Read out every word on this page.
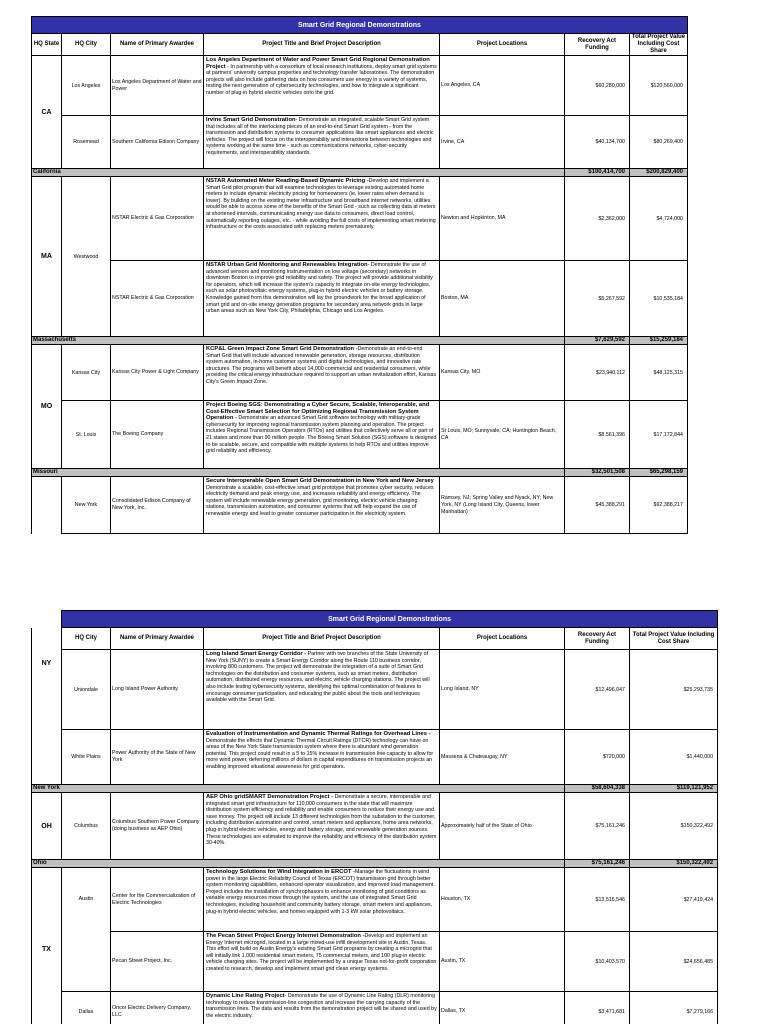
Smart Grid Regional Demonstrations						
HQ State	HQ City	Name of Primary Awardee	Project Title and Brief Project Description	Project Locations	Recovery Act Funding	Total Project Value Including Cost Share
CA	Los Angeles	Los Angeles Department of Water and Power	Los Angeles Department of Water and Power Smart Grid Regional Demonstration Project - In partnership with a consortium of local research institutions, deploy smart grid systems at partners' university campus properties and technology transfer laboratories. The demonstration projects will also include gathering data on how consumers use energy in a variety of systems, testing the next generation of cybersecurity technologies, and how to integrate a significant number of plug-in hybrid electric vehicles onto the grid.	Los Angeles, CA	$60,280,000	$120,560,000
	Rosemead	Southern California Edison Company	Irvine Smart Grid Demonstration- Demonstrate an integrated, scalable Smart Grid system that includes all of the interlocking pieces of an end-to-end Smart Grid system - from the transmission and distribution systems to consumer applications like smart appliances and electric vehicles. The project will focus on the interoperability and interactions between technologies and systems working at the same time - such as communications networks, cyber-security requirements, and interoperability standards.	Irvine, CA	$40,134,700	$80,269,400
California					$100,414,700	$200,829,400
MA	Westwood	NSTAR Electric & Gas Corporation	NSTAR Automated Meter Reading-Based Dynamic Pricing -Develop and implement a Smart Grid pilot program that will examine technologies to leverage existing automated home meters to include dynamic electricity pricing for homeowners (ie, lower rates when demand is lower). By building on the existing meter infrastructure and broadband internet networks, utilities would be able to access some of the benefits of the Smart Grid - such as collecting data at meters at shortened intervals, communicating energy use data to consumers, direct load control, automatically reporting outages, etc. - while avoiding the full costs of implementing smart metering infrastructure or the costs associated with replacing meters prematurely.	Newton and Hopkinton, MA	$2,362,000	$4,724,000
		NSTAR Electric & Gas Corporation	NSTAR Urban Grid Monitoring and Renewables Integration- Demonstrate the use of advanced sensors and monitoring instrumentation on low voltage (secondary) networks in downtown Boston to improve grid reliability and safety. The project will provide additional visibility for operators, which will increase the system's capacity to integrate on-site energy technologies, such as solar photovoltaic energy systems, plug-in hybrid electric vehicles or battery storage. Knowledge gained from this demonstration will lay the groundwork for the broad application of smart grid and on-site energy generation programs for secondary area network grids in large urban areas such as New York City, Philadelphia, Chicago and Los Angeles.	Boston, MA	$5,267,592	$10,535,184
Massachusetts					$7,629,592	$15,259,184
MO	Kansas City	Kansas City Power & Light Company	KCP&L Green Impact Zone Smart Grid Demonstration -Demonstrate an end-to-end Smart Grid that will include advanced renewable generation, storage resources, distribution system automation, in-home customer systems and digital technologies, and innovative rate structures. The programs will benefit about 14,000 commercial and residential consumers, while providing the critical energy infrastructure required to support an urban revitalization effort, Kansas City's Green Impact Zone.	Kansas City, MO	$23,940,112	$48,125,315
	St. Louis	The Boeing Company	Project Boeing SGS: Demonstrating a Cyber Secure, Scalable, Interoperable, and Cost-Effective Smart Selection for Optimizing Regional Transmission System Operation - Demonstrate an advanced Smart Grid software technology with military-grade cybersecurity for improving regional transmission system planning and operation. The project includes Regional Transmission Operators (RTOs) and utilities that collectively serve all or part of 21 states and more than 90 million people. The Boeing Smart Solution (SGS) software is designed to be scalable, secure, and compatible with multiple systems to help RTOs and utilities improve grid reliability and efficiency.	St Louis, MO; Sunnyvale, CA; Huntington Beach, CA	$8,561,396	$17,172,844
Missouri					$32,501,508	$65,298,159
	New York	Consolidated Edison Company of New York, Inc.	Secure Interoperable Open Smart Grid Demonstration in New York and New Jersey Demonstrate a scalable, cost-effective smart grid prototype that promotes cyber security, reduces electricity demand and peak energy use, and increases reliability and energy efficiency. The system will include renewable energy generation, grid monitoring, electric vehicle charging stations, transmission automation, and consumer systems that will help expand the use of renewable energy and lead to greater consumer participation in the electricity system.	Ramsey, NJ; Spring Valley and Nyack, NY; New York, NY (Long Island City, Queens, lower Manhattan)	$45,388,291	$92,388,217
	Smart Grid Regional Demonstrations					
	HQ City	Name of Primary Awardee	Project Title and Brief Project Description	Project Locations	Recovery Act Funding	Total Project Value Including Cost Share
NY	Uniondale	Long Island Power Authority	Long Island Smart Energy Corridor - Partner with two branches of the State University of New York (SUNY) to create a Smart Energy Corridor along the Route 110 business corridor, involving 800 customers. The project will demonstrate the integration of a suite of Smart Grid technologies on the distribution and consumer systems, such as smart meters, distribution automation, distributed energy resources, and electric vehicle charging stations. The project will also include testing cybersecurity systems, identifying the optimal combination of features to encourage consumer participation, and educating the public about the tools and techniques available with the Smart Grid.	Long Island, NY	$12,496,047	$25,293,735
	White Plains	Power Authority of the State of New York	Evaluation of Instrumentation and Dynamic Thermal Ratings for Overhead Lines - Demonstrate the effects that Dynamic Thermal Circuit Ratings (DTCR) technology can have on areas of the New York State transmission system where there is abundant wind generation potential. This project could result in a 5 to 15% increase in transmission line capacity to allow for more wind power, deferring millions of dollars in capital expenditures on transmission projects an enabling improved situational awareness for grid operators.	Massena & Chateaugay, NY	$720,000	$1,440,000
New York					$58,604,338	$119,121,952
OH	Columbus	Columbus Southern Power Company (doing business as AEP Ohio)	AEP Ohio gridSMART Demonstration Project - Demonstrate a secure, interoperable and integrated smart grid infrastructure for 110,000 consumers in the state that will maximize distribution system efficiency and reliability and enable consumers to reduce their energy use and save money. The project will include 13 different technologies from the substation to the customer, including distribution automation and control, smart meters and appliances, home area networks, plug-in hybrid electric vehicles, energy and battery storage, and renewable generation sources. These technologies are estimated to improve the reliability and efficiency of the distribution system 30-40%.	Approximately half of the State of Ohio	$75,161,246	$150,322,492
Ohio					$75,161,246	$150,322,492
TX	Austin	Center for the Commercialization of Electric Technologies	Technology Solutions for Wind Integration in ERCOT -Manage the fluctuations in wind power in the large Electric Reliability Council of Texas (ERCOT) transmission grid through better system monitoring capabilities, enhanced operator visualization, and improved load management. Project includes the installation of synchrophasors to enhance monitoring of grid conditions as variable energy resources move through the system, and the use of integrated Smart Grid technologies, including household and community battery storage, smart meters and appliances, plug-in hybrid electric vehicles, and homes equipped with 1-3 kW solar photovoltaics.	Houston, TX	$13,516,546	$27,419,424
		Pecan Street Project, Inc.	The Pecan Street Project Energy Internet Demonstration -Develop and implement an Energy Internet microgrid, located in a large mixed-use infill development site in Austin, Texas. This effort will build on Austin Energy's existing Smart Grid programs by creating a microgrid that will initially link 1,000 residential smart meters, 75 commercial meters, and 100 plug-in electric vehicle charging sites. The project will be implemented by a unique Texas not-for-profit corporation created to research, develop and implement smart grid clean energy systems.	Austin, TX	$10,403,570	$24,656,485
	Dallas	Oncor Electric Delivery Company, LLC	Dynamic Line Rating Project- Demonstrate the use of Dynamic Line Rating (DLR) monitoring technology to reduce transmission-line congestion and increase the carrying capacity of the transmission lines. The data and results from the demonstration project will be shared and used by the electric industry.	Dallas, TX	$3,471,681	$7,279,166
